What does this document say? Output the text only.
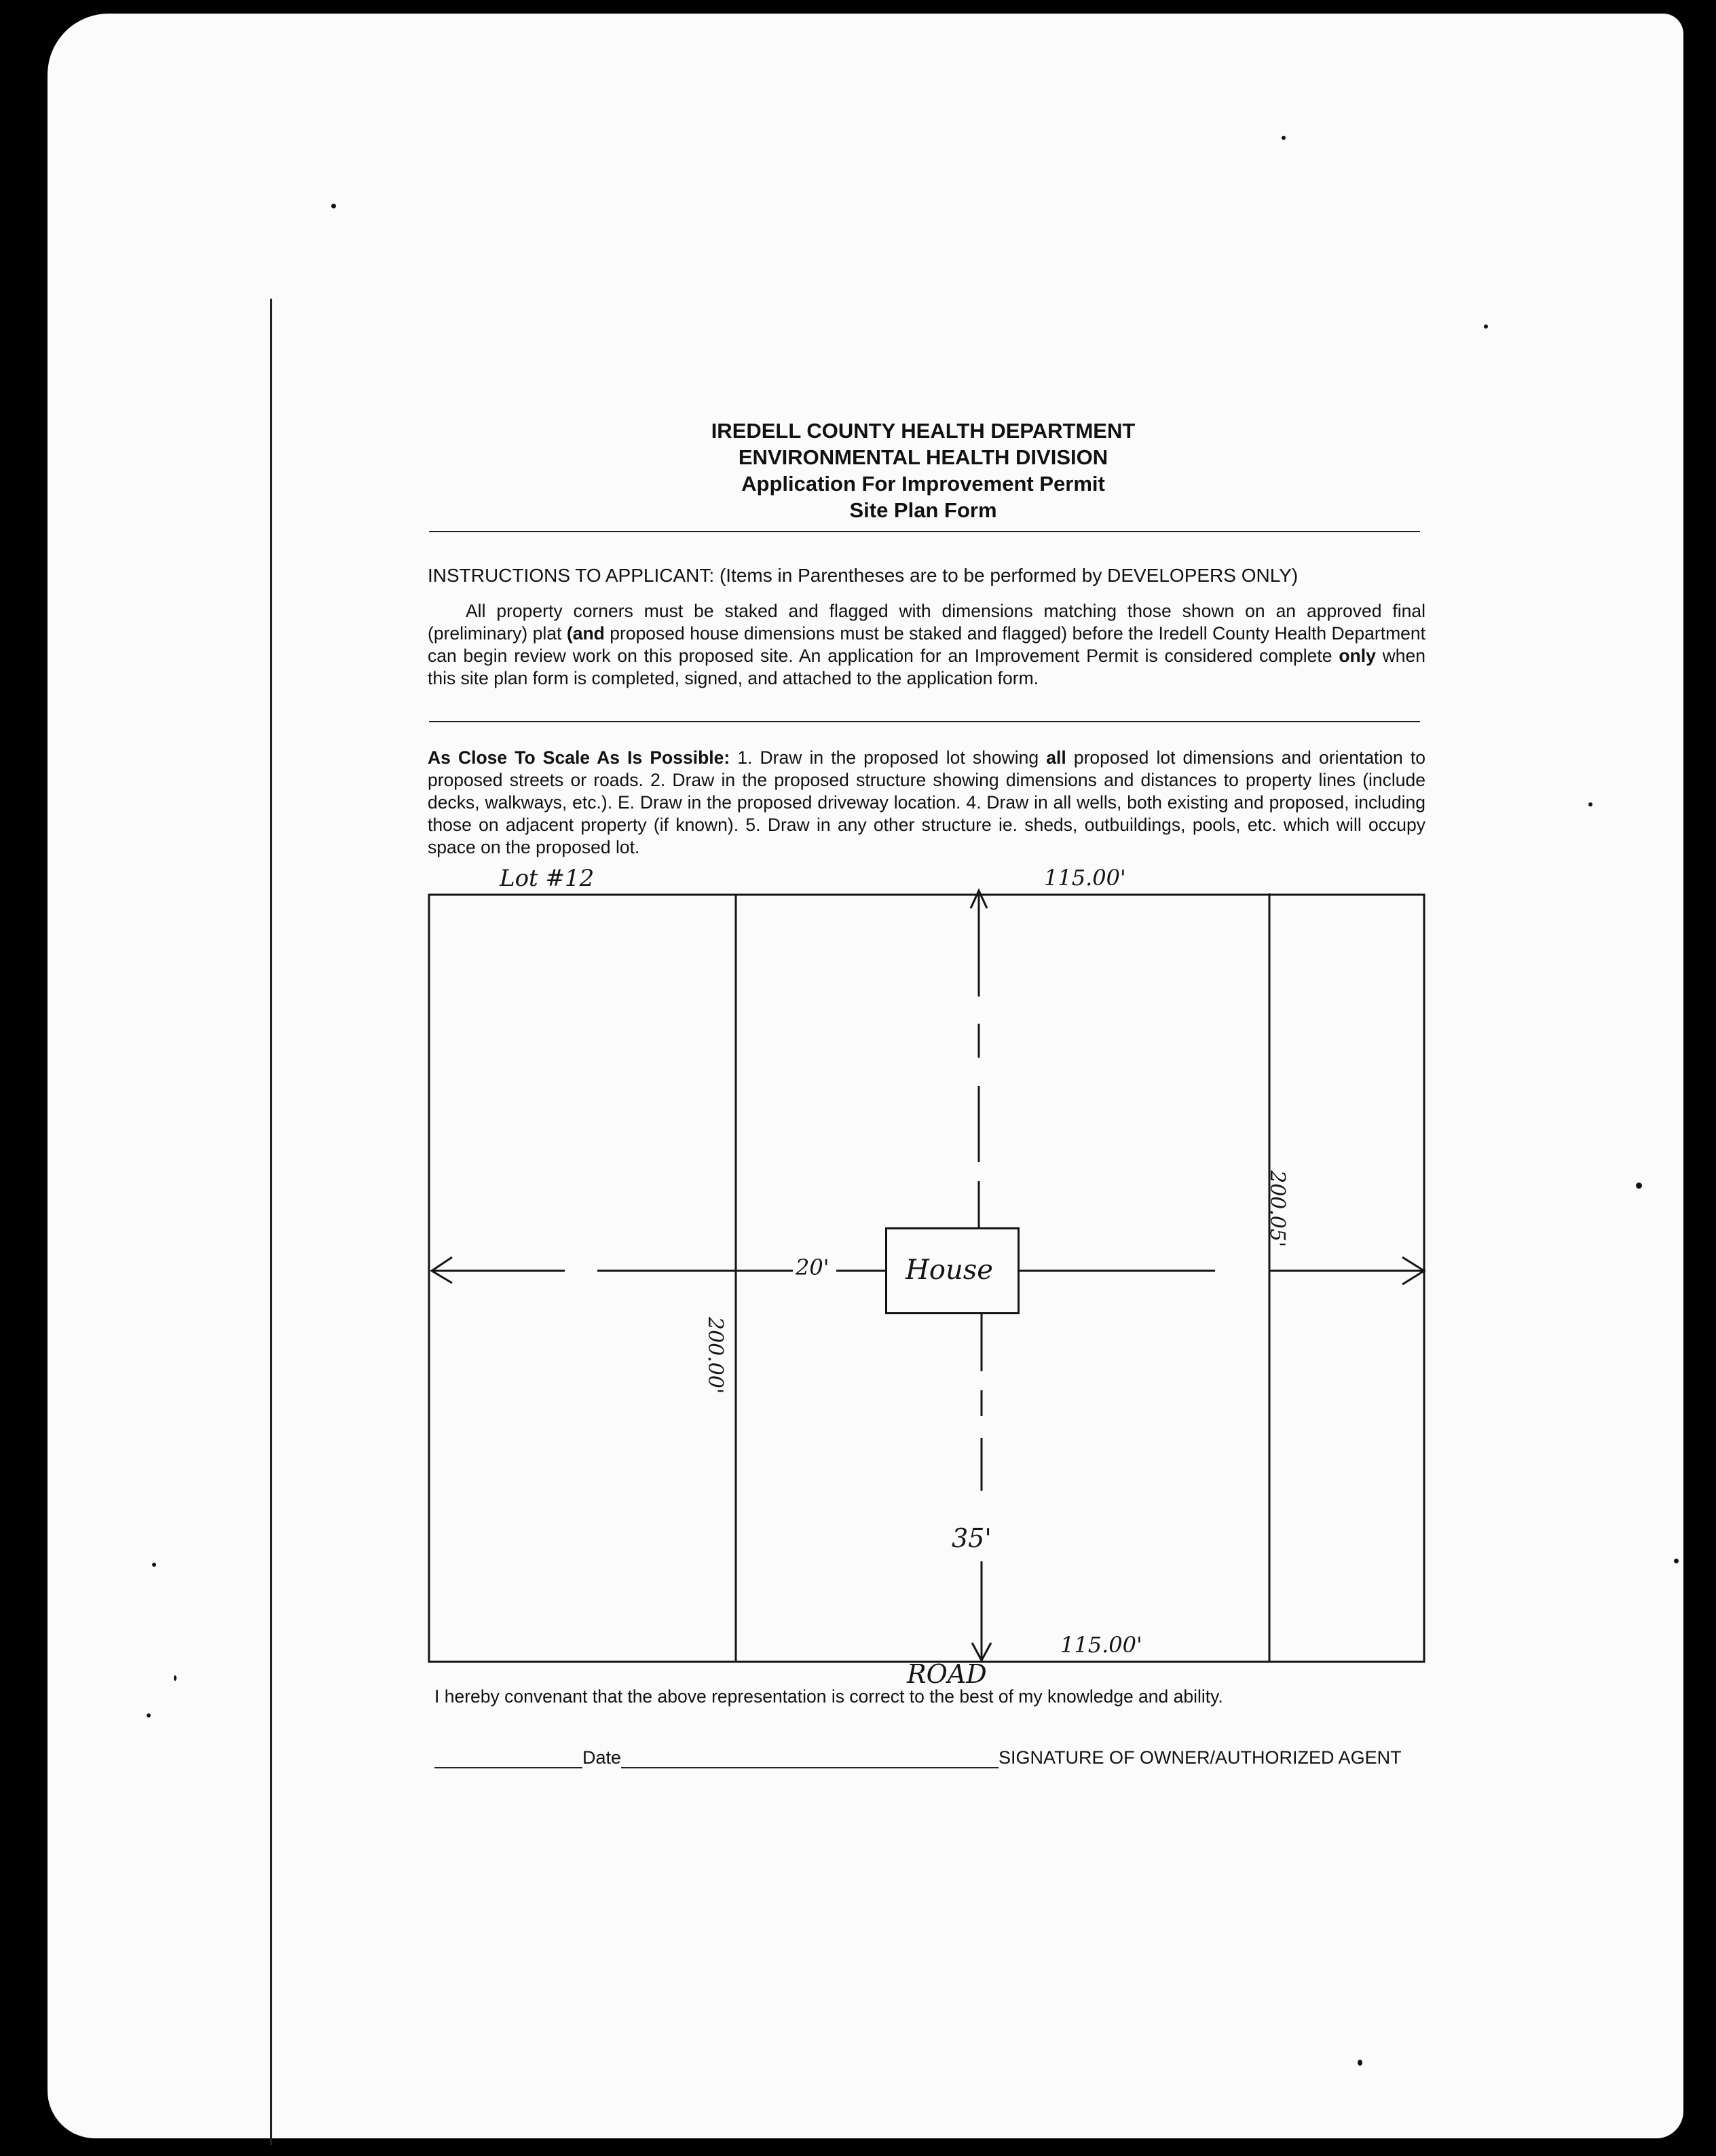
IREDELL COUNTY HEALTH DEPARTMENT
ENVIRONMENTAL HEALTH DIVISION
Application For Improvement Permit
Site Plan Form
INSTRUCTIONS TO APPLICANT: (Items in Parentheses are to be performed by DEVELOPERS ONLY)

All property corners must be staked and flagged with dimensions matching those shown on an approved final (preliminary) plat (and proposed house dimensions must be staked and flagged) before the Iredell County Health Department can begin review work on this proposed site. An application for an Improvement Permit is considered complete only when this site plan form is completed, signed, and attached to the application form.

As Close To Scale As Is Possible: 1. Draw in the proposed lot showing all proposed lot dimensions and orientation to proposed streets or roads. 2. Draw in the proposed structure showing dimensions and distances to property lines (include decks, walkways, etc.). E. Draw in the proposed driveway location. 4. Draw in all wells, both existing and proposed, including those on adjacent property (if known). 5. Draw in any other structure ie. sheds, outbuildings, pools, etc. which will occupy space on the proposed lot.

200.05'
200.00'
House
Lot #12	115.00'
20'
35'
115.00'
ROAD
I hereby convenant that the above representation is correct to the best of my knowledge and ability.
Date	SIGNATURE OF OWNER/AUTHORIZED AGENT
